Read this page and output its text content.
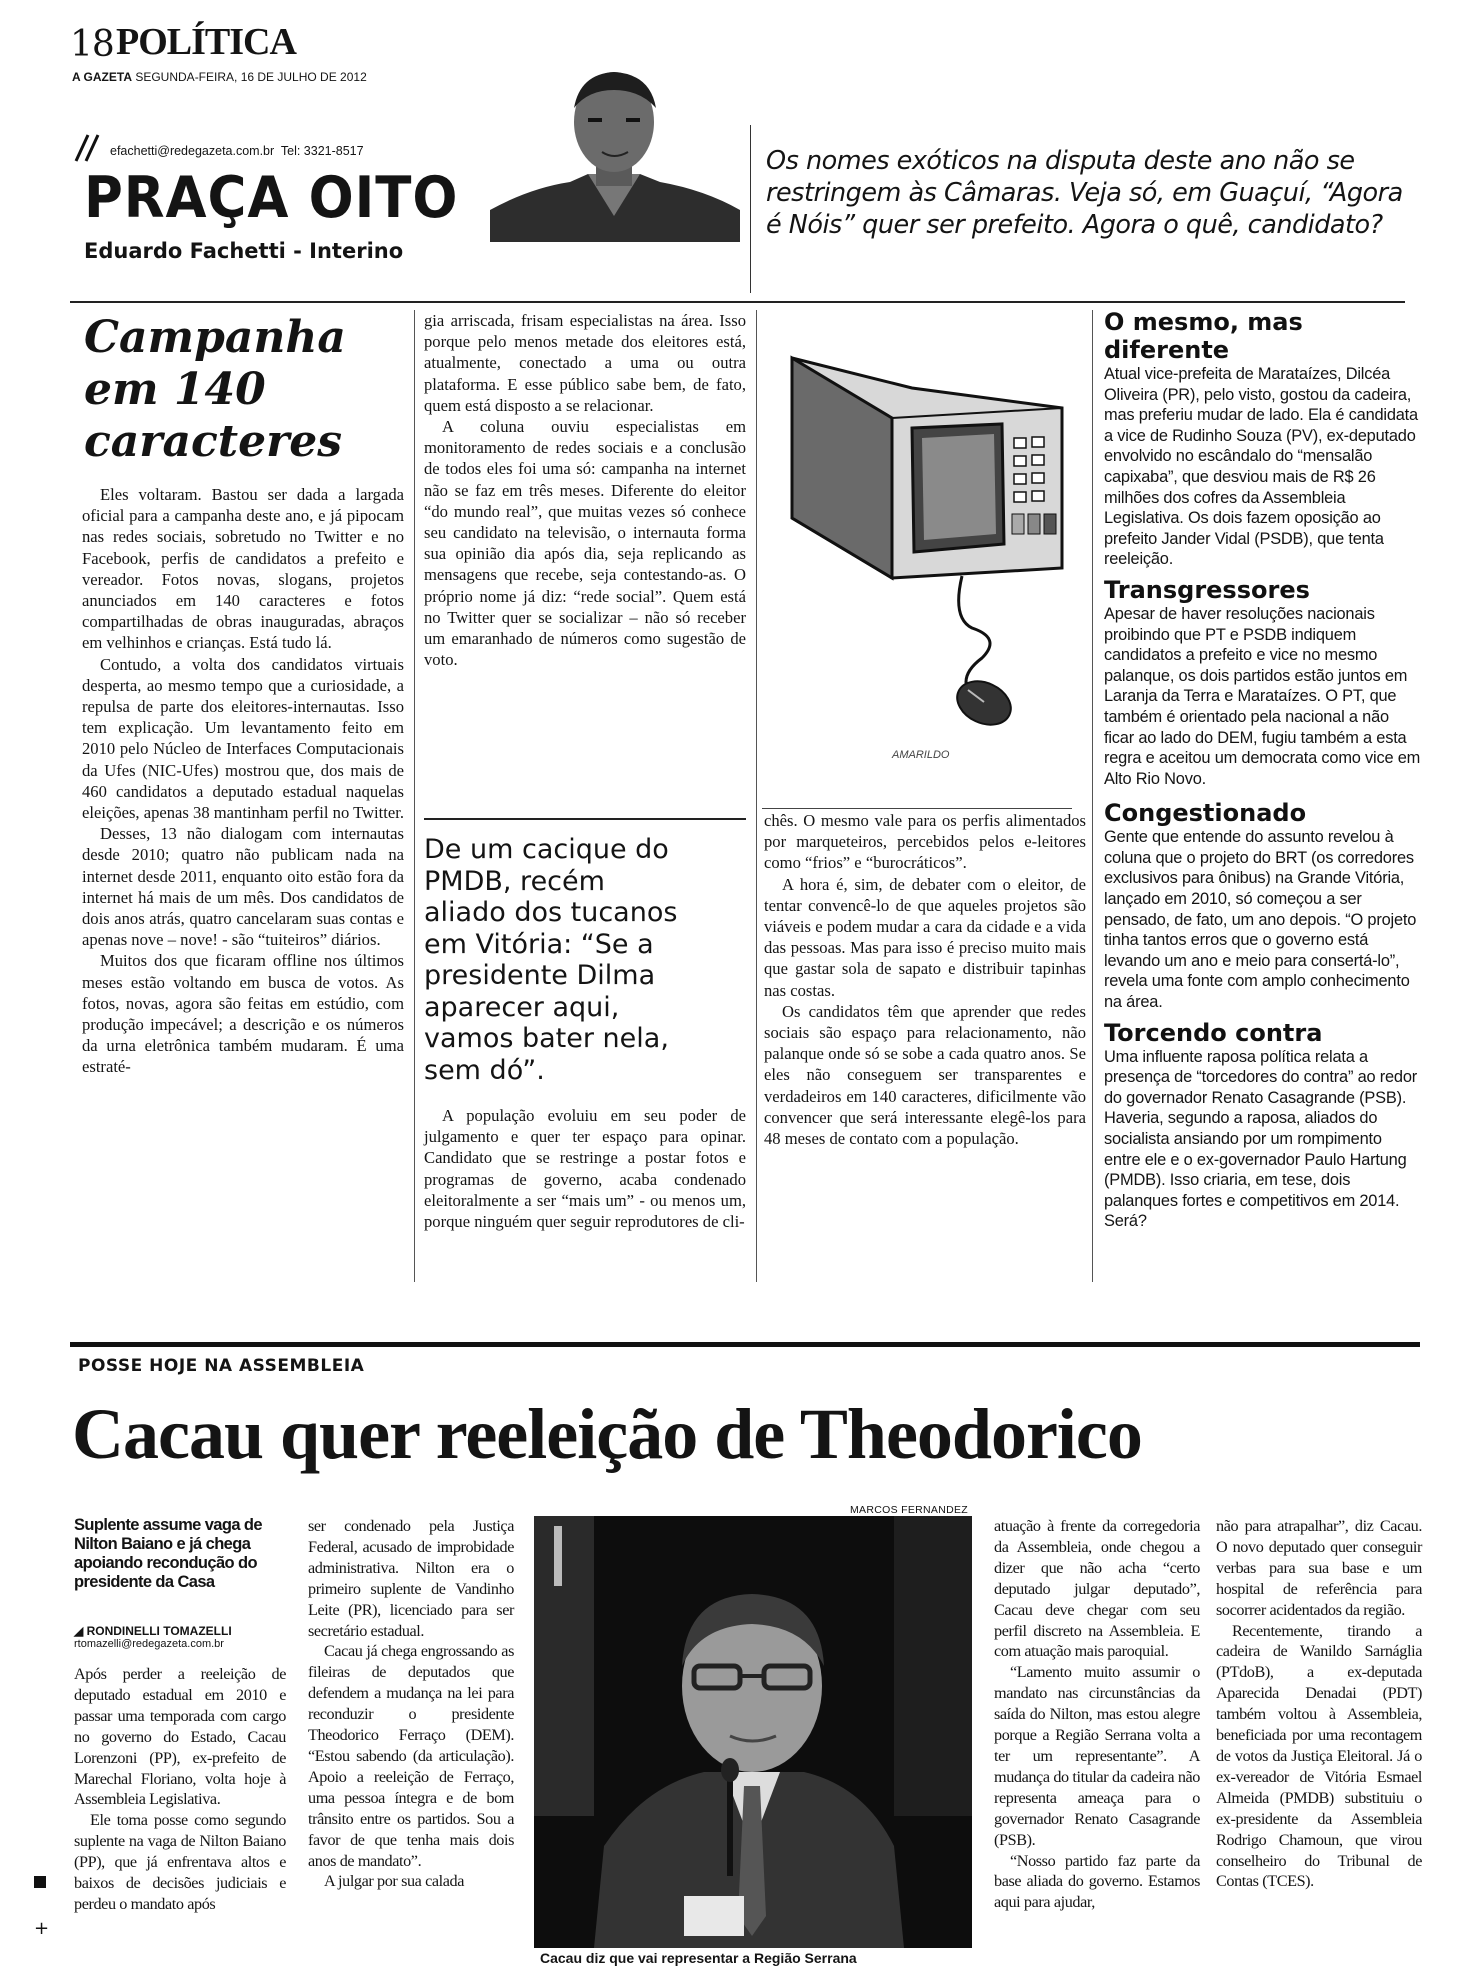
18 POLÍTICA
A GAZETA SEGUNDA-FEIRA, 16 DE JULHO DE 2012
efachetti@redegazeta.com.br  Tel: 3321-8517
PRAÇA OITO
Eduardo Fachetti - Interino
Os nomes exóticos na disputa deste ano não se restringem às Câmaras. Veja só, em Guaçuí, “Agora é Nóis” quer ser prefeito. Agora o quê, candidato?
Campanha
em 140
caracteres

Eles voltaram. Bastou ser dada a largada oficial para a campanha deste ano, e já pipocam nas redes sociais, sobretudo no Twitter e no Facebook, perfis de candidatos a prefeito e vereador. Fotos novas, slogans, projetos anunciados em 140 caracteres e fotos compartilhadas de obras inauguradas, abraços em velhinhos e crianças. Está tudo lá.

Contudo, a volta dos candidatos virtuais desperta, ao mesmo tempo que a curiosidade, a repulsa de parte dos eleitores-internautas. Isso tem explicação. Um levantamento feito em 2010 pelo Núcleo de Interfaces Computacionais da Ufes (NIC-Ufes) mostrou que, dos mais de 460 candidatos a deputado estadual naquelas eleições, apenas 38 mantinham perfil no Twitter.

Desses, 13 não dialogam com internautas desde 2010; quatro não publicam nada na internet desde 2011, enquanto oito estão fora da internet há mais de um mês. Dos candidatos de dois anos atrás, quatro cancelaram suas contas e apenas nove – nove! - são “tuiteiros” diários.

Muitos dos que ficaram offline nos últimos meses estão voltando em busca de votos. As fotos, novas, agora são feitas em estúdio, com produção impecável; a descrição e os números da urna eletrônica também mudaram. É uma estraté-

gia arriscada, frisam especialistas na área. Isso porque pelo menos metade dos eleitores está, atualmente, conectado a uma ou outra plataforma. E esse público sabe bem, de fato, quem está disposto a se relacionar.

A coluna ouviu especialistas em monitoramento de redes sociais e a conclusão de todos eles foi uma só: campanha na internet não se faz em três meses. Diferente do eleitor “do mundo real”, que muitas vezes só conhece seu candidato na televisão, o internauta forma sua opinião dia após dia, seja replicando as mensagens que recebe, seja contestando-as. O próprio nome já diz: “rede social”. Quem está no Twitter quer se socializar – não só receber um emaranhado de números como sugestão de voto.

De um cacique do PMDB, recém aliado dos tucanos em Vitória: “Se a presidente Dilma aparecer aqui, vamos bater nela, sem dó”.

A população evoluiu em seu poder de julgamento e quer ter espaço para opinar. Candidato que se restringe a postar fotos e programas de governo, acaba condenado eleitoralmente a ser “mais um” - ou menos um, porque ninguém quer seguir reprodutores de cli-

AMARILDO

chês. O mesmo vale para os perfis alimentados por marqueteiros, percebidos pelos e-leitores como “frios” e “burocráticos”.

A hora é, sim, de debater com o eleitor, de tentar convencê-lo de que aqueles projetos são viáveis e podem mudar a cara da cidade e a vida das pessoas. Mas para isso é preciso muito mais que gastar sola de sapato e distribuir tapinhas nas costas.

Os candidatos têm que aprender que redes sociais são espaço para relacionamento, não palanque onde só se sobe a cada quatro anos. Se eles não conseguem ser transparentes e verdadeiros em 140 caracteres, dificilmente vão convencer que será interessante elegê-los para 48 meses de contato com a população.

O mesmo, mas diferente
Atual vice-prefeita de Marataízes, Dilcéa Oliveira (PR), pelo visto, gostou da cadeira, mas preferiu mudar de lado. Ela é candidata a vice de Rudinho Souza (PV), ex-deputado envolvido no escândalo do “mensalão capixaba”, que desviou mais de R$ 26 milhões dos cofres da Assembleia Legislativa. Os dois fazem oposição ao prefeito Jander Vidal (PSDB), que tenta reeleição.
Transgressores
Apesar de haver resoluções nacionais proibindo que PT e PSDB indiquem candidatos a prefeito e vice no mesmo palanque, os dois partidos estão juntos em Laranja da Terra e Marataízes. O PT, que também é orientado pela nacional a não ficar ao lado do DEM, fugiu também a esta regra e aceitou um democrata como vice em Alto Rio Novo.
Congestionado
Gente que entende do assunto revelou à coluna que o projeto do BRT (os corredores exclusivos para ônibus) na Grande Vitória, lançado em 2010, só começou a ser pensado, de fato, um ano depois. “O projeto tinha tantos erros que o governo está levando um ano e meio para consertá-lo”, revela uma fonte com amplo conhecimento na área.
Torcendo contra
Uma influente raposa política relata a presença de “torcedores do contra” ao redor do governador Renato Casagrande (PSB). Haveria, segundo a raposa, aliados do socialista ansiando por um rompimento entre ele e o ex-governador Paulo Hartung (PMDB). Isso criaria, em tese, dois palanques fortes e competitivos em 2014. Será?
POSSE HOJE NA ASSEMBLEIA
Cacau quer reeleição de Theodorico
Suplente assume vaga de Nilton Baiano e já chega apoiando recondução do presidente da Casa
◢ RONDINELLI TOMAZELLI
rtomazelli@redegazeta.com.br

Após perder a reeleição de deputado estadual em 2010 e passar uma temporada com cargo no governo do Estado, Cacau Lorenzoni (PP), ex-prefeito de Marechal Floriano, volta hoje à Assembleia Legislativa.

Ele toma posse como segundo suplente na vaga de Nilton Baiano (PP), que já enfrentava altos e baixos de decisões judiciais e perdeu o mandato após

ser condenado pela Justiça Federal, acusado de improbidade administrativa. Nilton era o primeiro suplente de Vandinho Leite (PR), licenciado para ser secretário estadual.

Cacau já chega engrossando as fileiras de deputados que defendem a mudança na lei para reconduzir o presidente Theodorico Ferraço (DEM). “Estou sabendo (da articulação). Apoio a reeleição de Ferraço, uma pessoa íntegra e de bom trânsito entre os partidos. Sou a favor de que tenha mais dois anos de mandato”.

A julgar por sua calada

MARCOS FERNANDEZ
Cacau diz que vai representar a Região Serrana

atuação à frente da corregedoria da Assembleia, onde chegou a dizer que não acha “certo deputado julgar deputado”, Cacau deve chegar com seu perfil discreto na Assembleia. E com atuação mais paroquial.

“Lamento muito assumir o mandato nas circunstâncias da saída do Nilton, mas estou alegre porque a Região Serrana volta a ter um representante”. A mudança do titular da cadeira não representa ameaça para o governador Renato Casagrande (PSB).

“Nosso partido faz parte da base aliada do governo. Estamos aqui para ajudar,

não para atrapalhar”, diz Cacau. O novo deputado quer conseguir verbas para sua base e um hospital de referência para socorrer acidentados da região.

Recentemente, tirando a cadeira de Wanildo Sarnáglia (PTdoB), a ex-deputada Aparecida Denadai (PDT) também voltou à Assembleia, beneficiada por uma recontagem de votos da Justiça Eleitoral. Já o ex-vereador de Vitória Esmael Almeida (PMDB) substituiu o ex-presidente da Assembleia Rodrigo Chamoun, que virou conselheiro do Tribunal de Contas (TCES).

+
